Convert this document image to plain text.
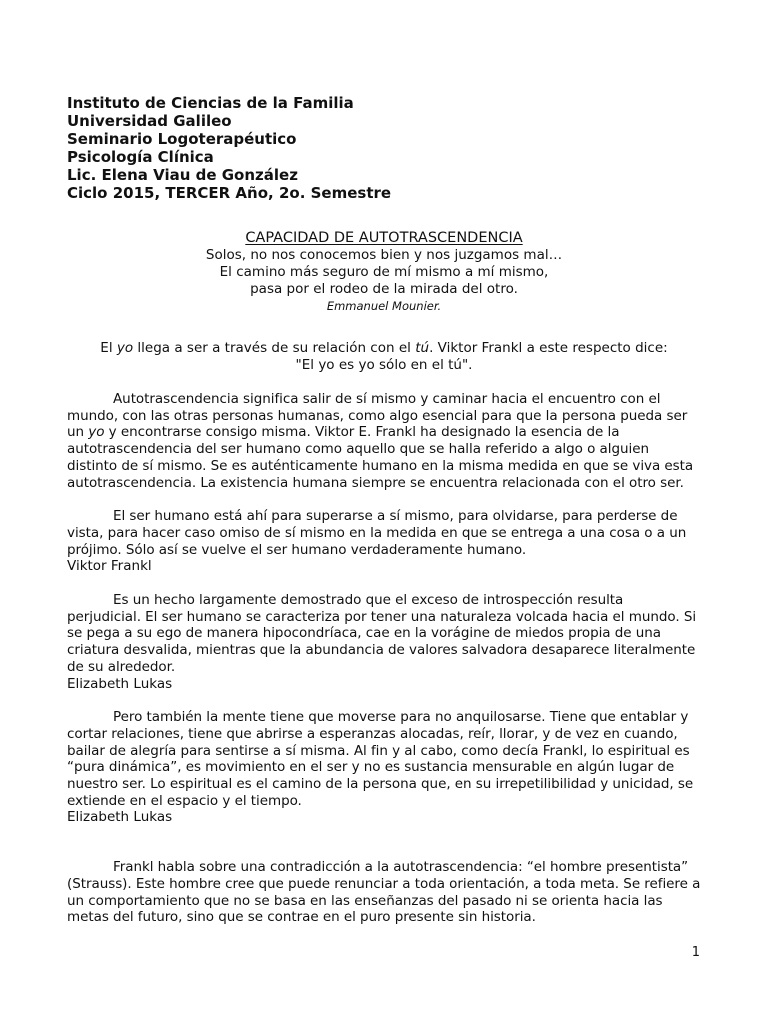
Instituto de Ciencias de la Familia

Universidad Galileo

Seminario Logoterapéutico

Psicología Clínica

Lic. Elena Viau de González

Ciclo 2015, TERCER Año, 2o. Semestre

CAPACIDAD DE AUTOTRASCENDENCIA

Solos, no nos conocemos bien y nos juzgamos mal…

El camino más seguro de mí mismo a mí mismo,

pasa por el rodeo de la mirada del otro.

Emmanuel Mounier.

El yo llega a ser a través de su relación con el tú. Viktor Frankl a este respecto dice:
"El yo es yo sólo en el tú".

Autotrascendencia significa salir de sí mismo y caminar hacia el encuentro con el mundo, con las otras personas humanas, como algo esencial para que la persona pueda ser un yo y encontrarse consigo misma. Viktor E. Frankl ha designado la esencia de la autotrascendencia del ser humano como aquello que se halla referido a algo o alguien distinto de sí mismo. Se es auténticamente humano en la misma medida en que se viva esta autotrascendencia. La existencia humana siempre se encuentra relacionada con el otro ser.

El ser humano está ahí para superarse a sí mismo, para olvidarse, para perderse de vista, para hacer caso omiso de sí mismo en la medida en que se entrega a una cosa o a un prójimo. Sólo así se vuelve el ser humano verdaderamente humano.

Viktor Frankl

Es un hecho largamente demostrado que el exceso de introspección resulta perjudicial. El ser humano se caracteriza por tener una naturaleza volcada hacia el mundo. Si se pega a su ego de manera hipocondríaca, cae en la vorágine de miedos propia de una criatura desvalida, mientras que la abundancia de valores salvadora desaparece literalmente de su alrededor.

Elizabeth Lukas

Pero también la mente tiene que moverse para no anquilosarse. Tiene que entablar y cortar relaciones, tiene que abrirse a esperanzas alocadas, reír, llorar, y de vez en cuando, bailar de alegría para sentirse a sí misma. Al fin y al cabo, como decía Frankl, lo espiritual es “pura dinámica”, es movimiento en el ser y no es sustancia mensurable en algún lugar de nuestro ser. Lo espiritual es el camino de la persona que, en su irrepetilibilidad y unicidad, se extiende en el espacio y el tiempo.

Elizabeth Lukas

Frankl habla sobre una contradicción a la autotrascendencia: “el hombre presentista” (Strauss). Este hombre cree que puede renunciar a toda orientación, a toda meta. Se refiere a un comportamiento que no se basa en las enseñanzas del pasado ni se orienta hacia las metas del futuro, sino que se contrae en el puro presente sin historia.

1
